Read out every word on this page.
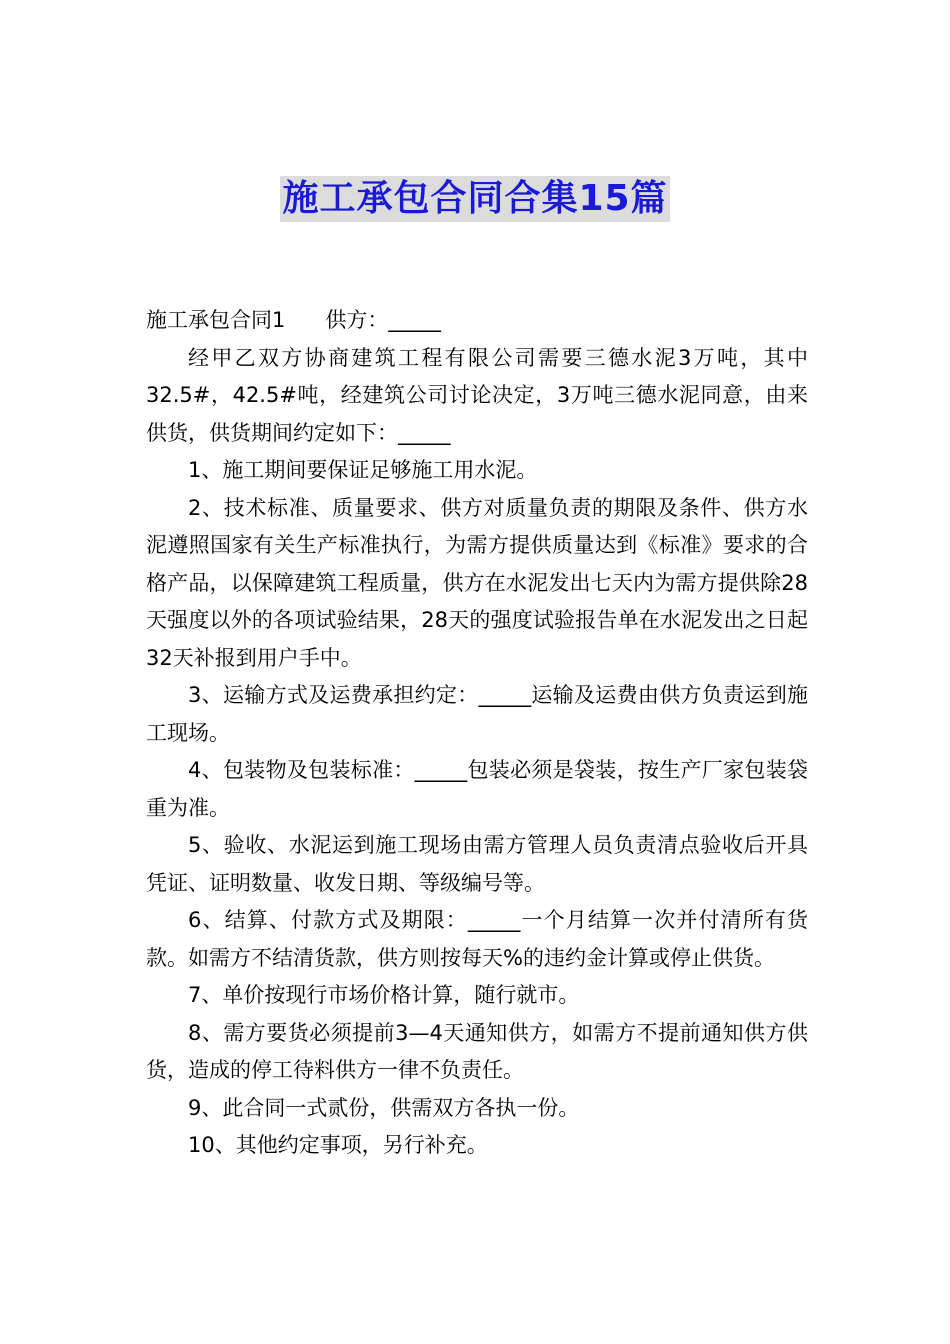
施工承包合同合集15篇

施工承包合同1 供方：_____

经甲乙双方协商建筑工程有限公司需要三德水泥3万吨，其中32.5#，42.5#吨，经建筑公司讨论决定，3万吨三德水泥同意，由来供货，供货期间约定如下：_____

1、施工期间要保证足够施工用水泥。

2、技术标准、质量要求、供方对质量负责的期限及条件、供方水泥遵照国家有关生产标准执行，为需方提供质量达到《标准》要求的合格产品，以保障建筑工程质量，供方在水泥发出七天内为需方提供除28天强度以外的各项试验结果，28天的强度试验报告单在水泥发出之日起32天补报到用户手中。

3、运输方式及运费承担约定：_____运输及运费由供方负责运到施工现场。

4、包装物及包装标准：_____包装必须是袋装，按生产厂家包装袋重为准。

5、验收、水泥运到施工现场由需方管理人员负责清点验收后开具凭证、证明数量、收发日期、等级编号等。

6、结算、付款方式及期限：_____一个月结算一次并付清所有货款。如需方不结清货款，供方则按每天%的违约金计算或停止供货。

7、单价按现行市场价格计算，随行就市。

8、需方要货必须提前3—4天通知供方，如需方不提前通知供方供货，造成的停工待料供方一律不负责任。

9、此合同一式贰份，供需双方各执一份。

10、其他约定事项，另行补充。
